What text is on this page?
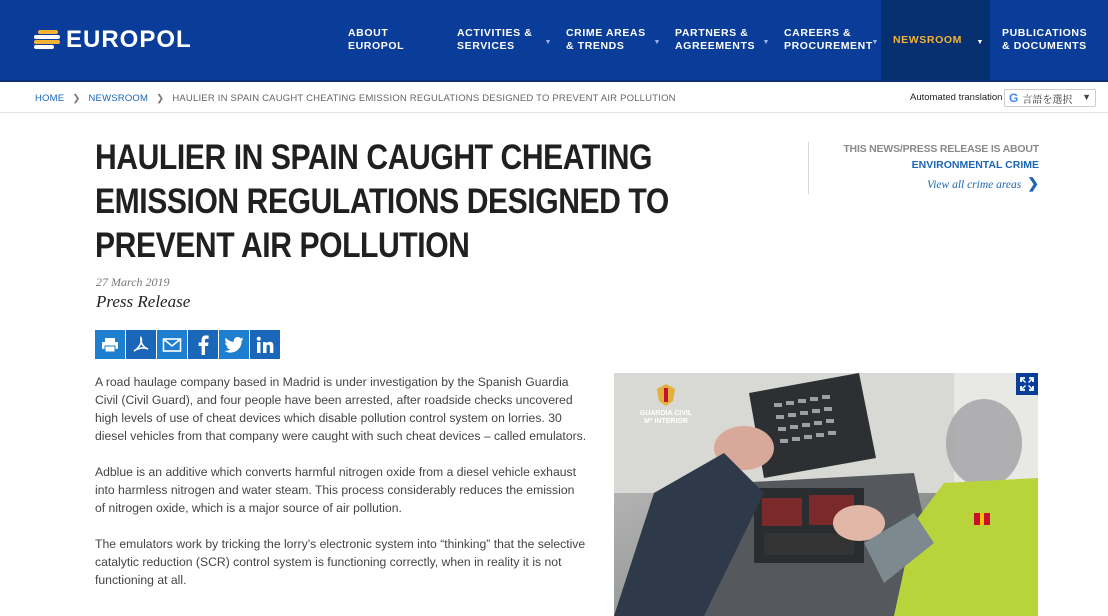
EUROPOL	ABOUT EUROPOL
ACTIVITIES & SERVICES	▼
CRIME AREAS & TRENDS	▼
PARTNERS & AGREEMENTS	▼
CAREERS & PROCUREMENT
▼ NEWSROOM ▼
PUBLICATIONS & DOCUMENTS
HOME ❯ NEWSROOM ❯ HAULIER IN SPAIN CAUGHT CHEATING EMISSION REGULATIONS DESIGNED TO PREVENT AIR POLLUTION	Automated translation G 言語を選択 ▼
HAULIER IN SPAIN CAUGHT CHEATING EMISSION REGULATIONS DESIGNED TO PREVENT AIR POLLUTION
27 March 2019
Press Release
THIS NEWS/PRESS RELEASE IS ABOUT
ENVIRONMENTAL CRIME
View all crime areas ❯

A road haulage company based in Madrid is under investigation by the Spanish Guardia Civil (Civil Guard), and four people have been arrested, after roadside checks uncovered high levels of use of cheat devices which disable pollution control system on lorries. 30 diesel vehicles from that company were caught with such cheat devices – called emulators.

Adblue is an additive which converts harmful nitrogen oxide from a diesel vehicle exhaust into harmless nitrogen and water steam. This process considerably reduces the emission of nitrogen oxide, which is a major source of air pollution.

The emulators work by tricking the lorry’s electronic system into “thinking” that the selective catalytic reduction (SCR) control system is functioning correctly, when in reality it is not functioning at all.

GUARDIA CIVIL
Mº INTERIOR
